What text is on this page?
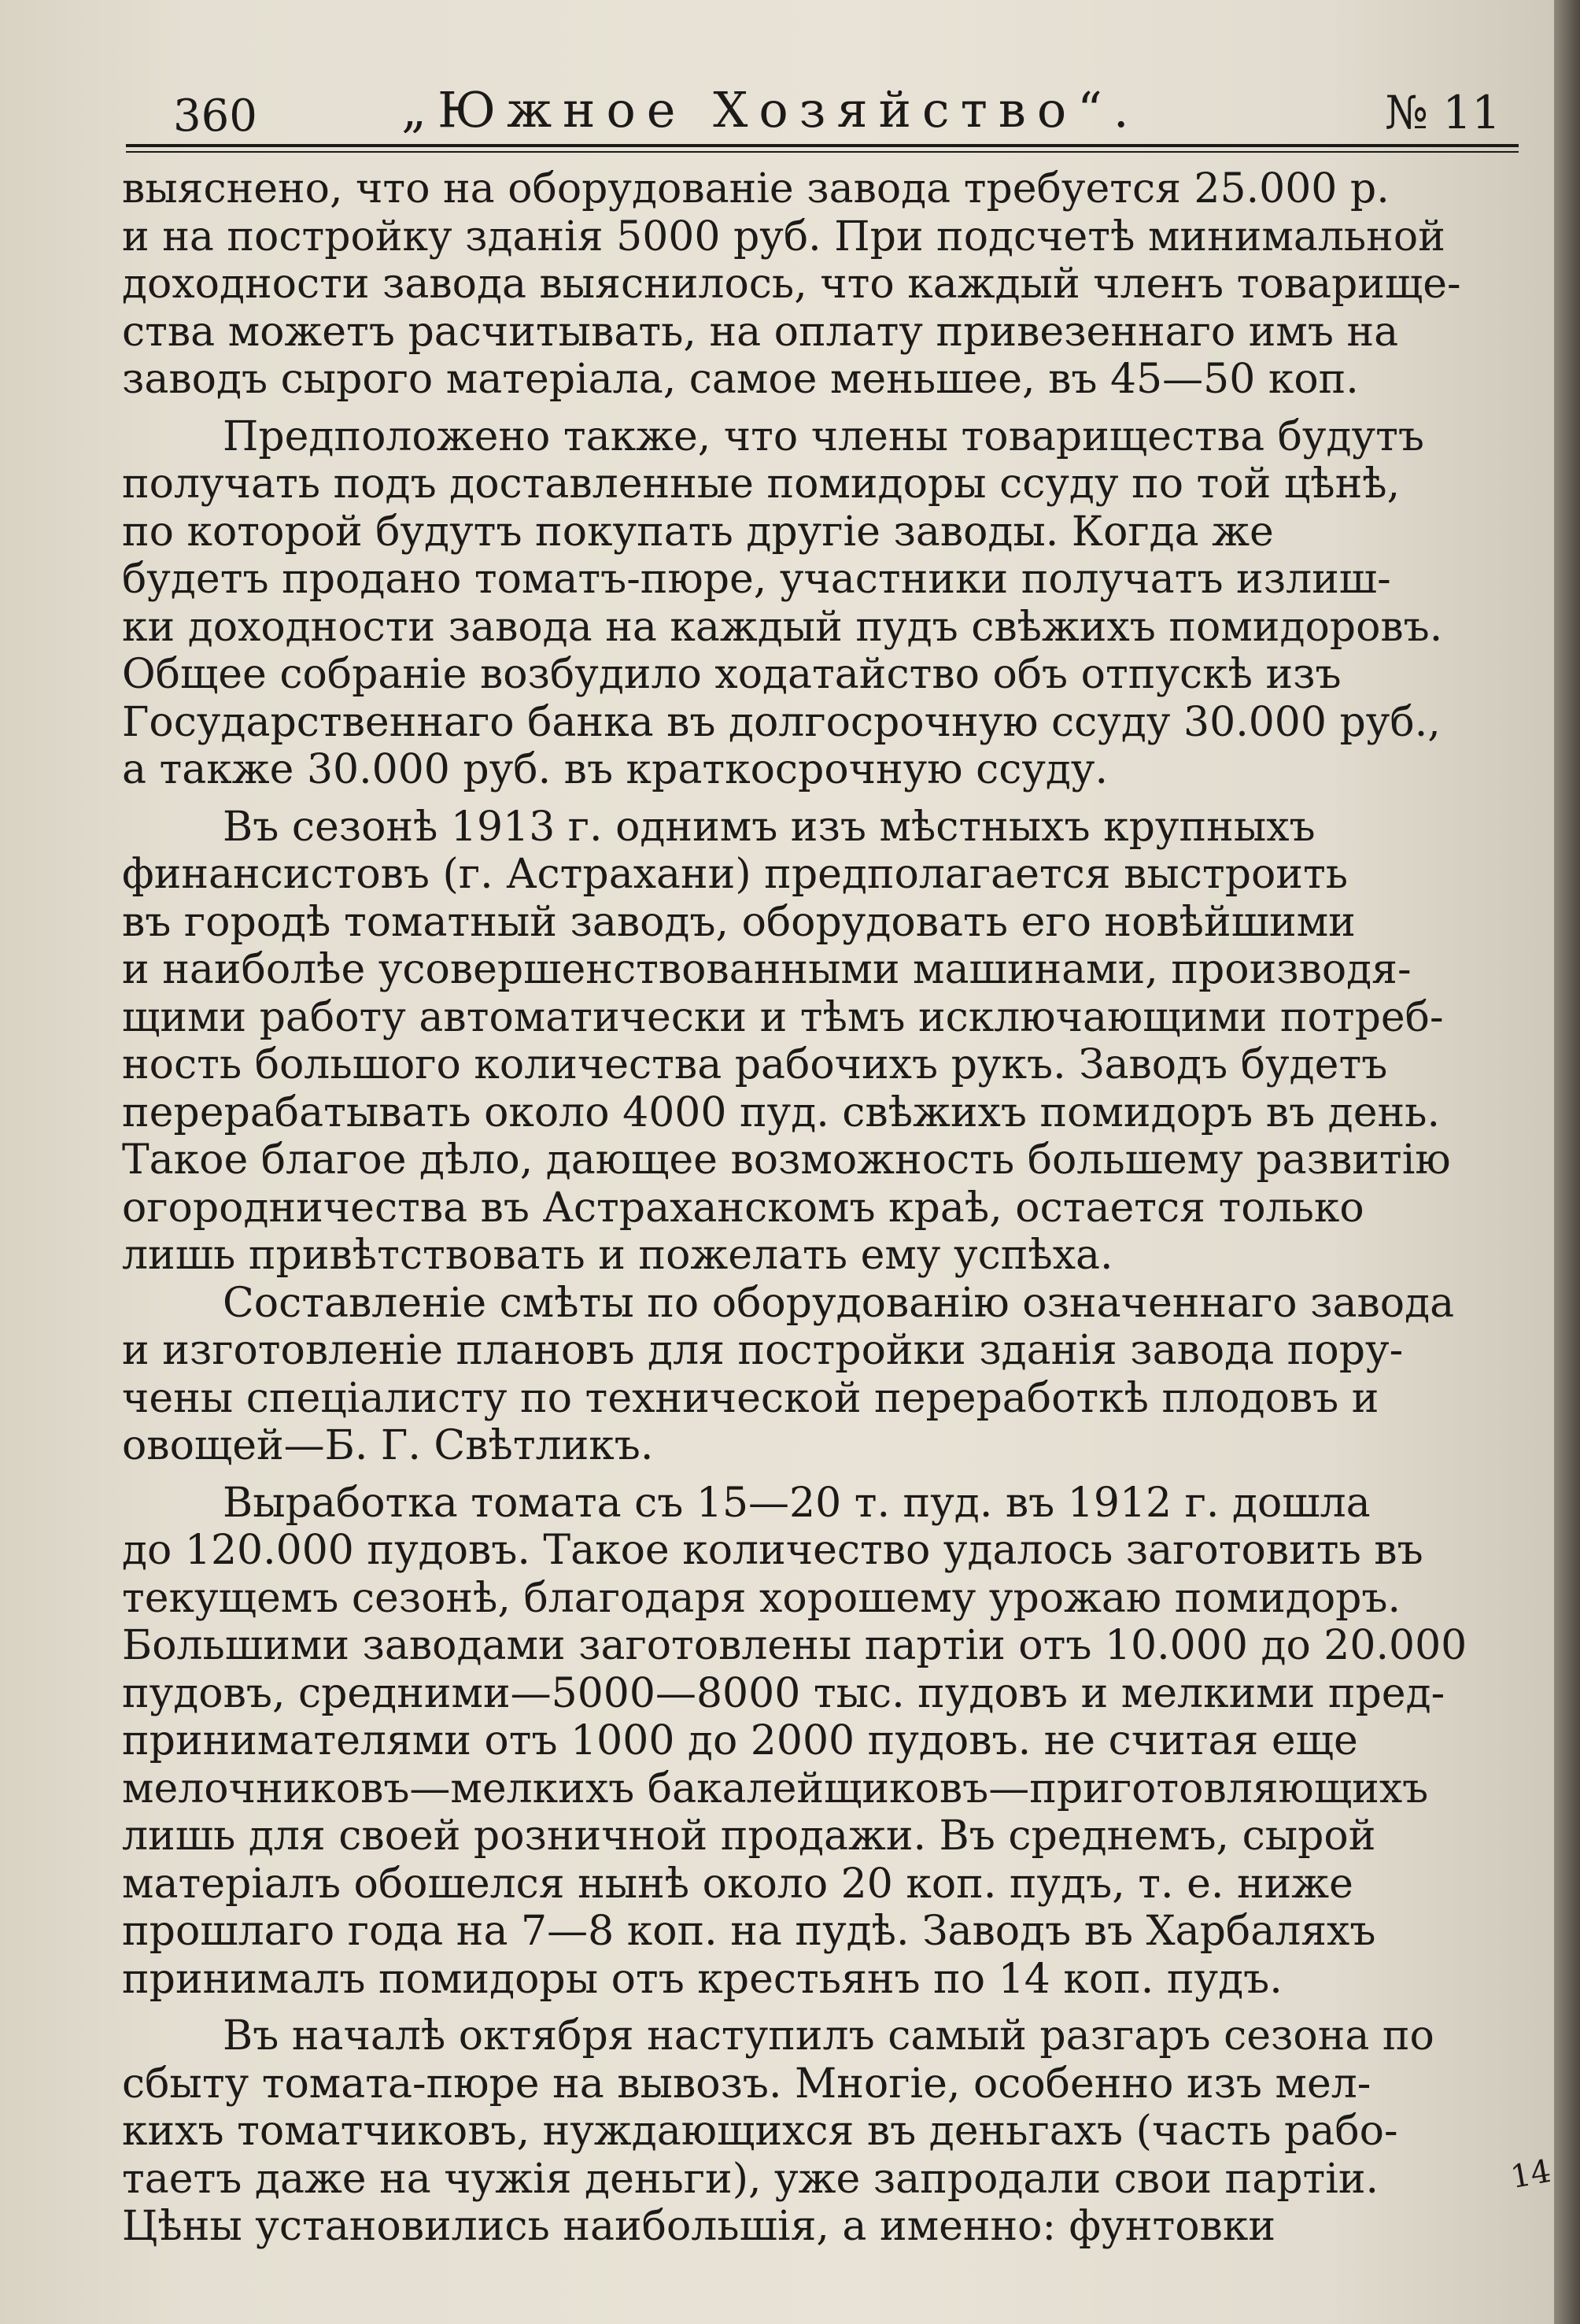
360	„Южное Хозяйство“.	№ 11
выяснено, что на оборудованіе завода требуется 25.000 р.
и на постройку зданія 5000 руб. При подсчетѣ минимальной
доходности завода выяснилось, что каждый членъ товарище-
ства можетъ расчитывать, на оплату привезеннаго имъ на
заводъ сырого матеріала, самое меньшее, въ 45—50 коп.
Предположено также, что члены товарищества будутъ
получать подъ доставленные помидоры ссуду по той цѣнѣ,
по которой будутъ покупать другіе заводы. Когда же
будетъ продано томатъ-пюре, участники получатъ излиш-
ки доходности завода на каждый пудъ свѣжихъ помидоровъ.
Общее собраніе возбудило ходатайство объ отпускѣ изъ
Государственнаго банка въ долгосрочную ссуду 30.000 руб.,
а также 30.000 руб. въ краткосрочную ссуду.
Въ сезонѣ 1913 г. однимъ изъ мѣстныхъ крупныхъ
финансистовъ (г. Астрахани) предполагается выстроить
въ городѣ томатный заводъ, оборудовать его новѣйшими
и наиболѣе усовершенствованными машинами, производя-
щими работу автоматически и тѣмъ исключающими потреб-
ность большого количества рабочихъ рукъ. Заводъ будетъ
перерабатывать около 4000 пуд. свѣжихъ помидоръ въ день.
Такое благое дѣло, дающее возможность большему развитію
огородничества въ Астраханскомъ краѣ, остается только
лишь привѣтствовать и пожелать ему успѣха.
Составленіе смѣты по оборудованію означеннаго завода
и изготовленіе плановъ для постройки зданія завода пору-
чены спеціалисту по технической переработкѣ плодовъ и
овощей—Б. Г. Свѣтликъ.
Выработка томата съ 15—20 т. пуд. въ 1912 г. дошла
до 120.000 пудовъ. Такое количество удалось заготовить въ
текущемъ сезонѣ, благодаря хорошему урожаю помидоръ.
Большими заводами заготовлены партіи отъ 10.000 до 20.000
пудовъ, средними—5000—8000 тыс. пудовъ и мелкими пред-
принимателями отъ 1000 до 2000 пудовъ. не считая еще
мелочниковъ—мелкихъ бакалейщиковъ—приготовляющихъ
лишь для своей розничной продажи. Въ среднемъ, сырой
матеріалъ обошелся нынѣ около 20 коп. пудъ, т. е. ниже
прошлаго года на 7—8 коп. на пудѣ. Заводъ въ Харбаляхъ
принималъ помидоры отъ крестьянъ по 14 коп. пудъ.
Въ началѣ октября наступилъ самый разгаръ сезона по
сбыту томата-пюре на вывозъ. Многіе, особенно изъ мел-
кихъ томатчиковъ, нуждающихся въ деньгахъ (часть рабо-
таетъ даже на чужія деньги), уже запродали свои партіи.
Цѣны установились наибольшія, а именно: фунтовки
14
